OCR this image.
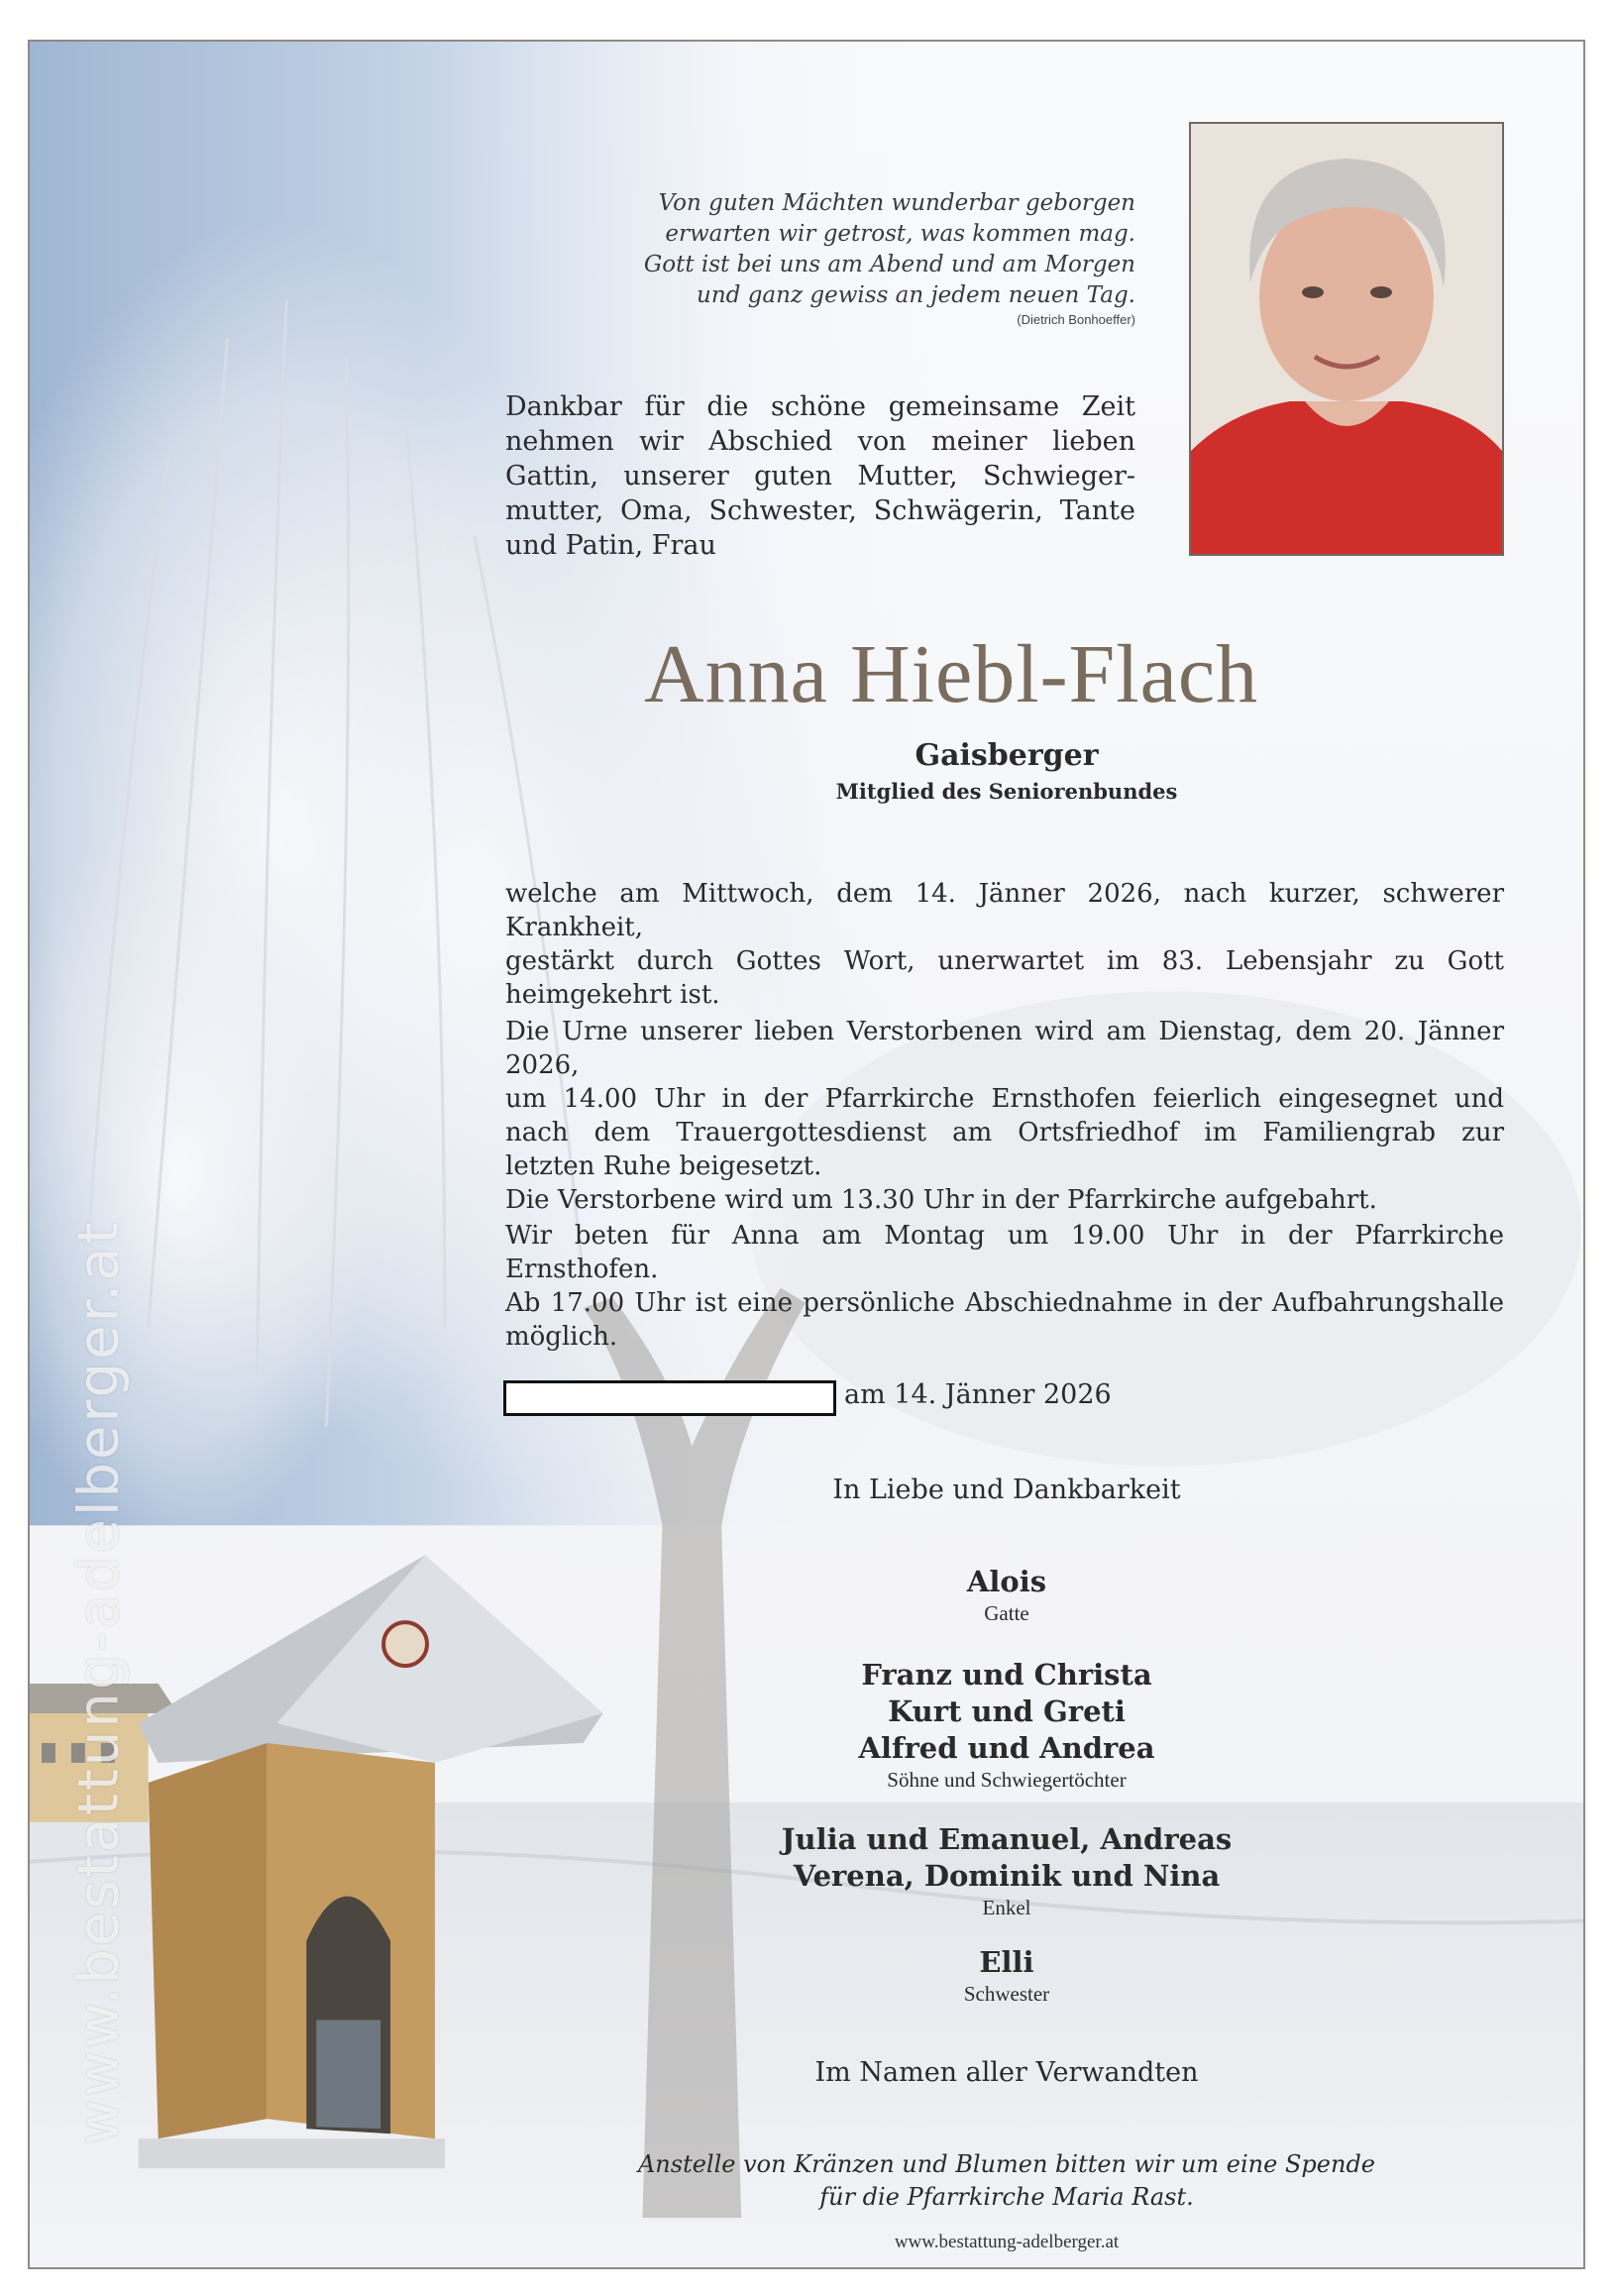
www.bestattung-adelberger.at
Von guten Mächten wunderbar geborgen
erwarten wir getrost, was kommen mag.
Gott ist bei uns am Abend und am Morgen
und ganz gewiss an jedem neuen Tag.
(Dietrich Bonhoeffer)
Dankbar für die schöne gemeinsame Zeit
nehmen wir Abschied von meiner lieben
Gattin, unserer guten Mutter, Schwieger-
mutter, Oma, Schwester, Schwägerin, Tante
und Patin, Frau
Anna Hiebl-Flach
Gaisberger
Mitglied des Seniorenbundes
welche am Mittwoch, dem 14. Jänner 2026, nach kurzer, schwerer Krankheit,
gestärkt durch Gottes Wort, unerwartet im 83. Lebensjahr zu Gott
heimgekehrt ist.
Die Urne unserer lieben Verstorbenen wird am Dienstag, dem 20. Jänner 2026,
um 14.00 Uhr in der Pfarrkirche Ernsthofen feierlich eingesegnet und
nach dem Trauergottesdienst am Ortsfriedhof im Familiengrab zur
letzten Ruhe beigesetzt.
Die Verstorbene wird um 13.30 Uhr in der Pfarrkirche aufgebahrt.
Wir beten für Anna am Montag um 19.00 Uhr in der Pfarrkirche Ernsthofen.
Ab 17.00 Uhr ist eine persönliche Abschiednahme in der Aufbahrungshalle
möglich.
am 14. Jänner 2026
In Liebe und Dankbarkeit
Alois
Gatte
Franz und Christa
Kurt und Greti
Alfred und Andrea
Söhne und Schwiegertöchter
Julia und Emanuel, Andreas
Verena, Dominik und Nina
Enkel
Elli
Schwester
Im Namen aller Verwandten
Anstelle von Kränzen und Blumen bitten wir um eine Spende
für die Pfarrkirche Maria Rast.
www.bestattung-adelberger.at
